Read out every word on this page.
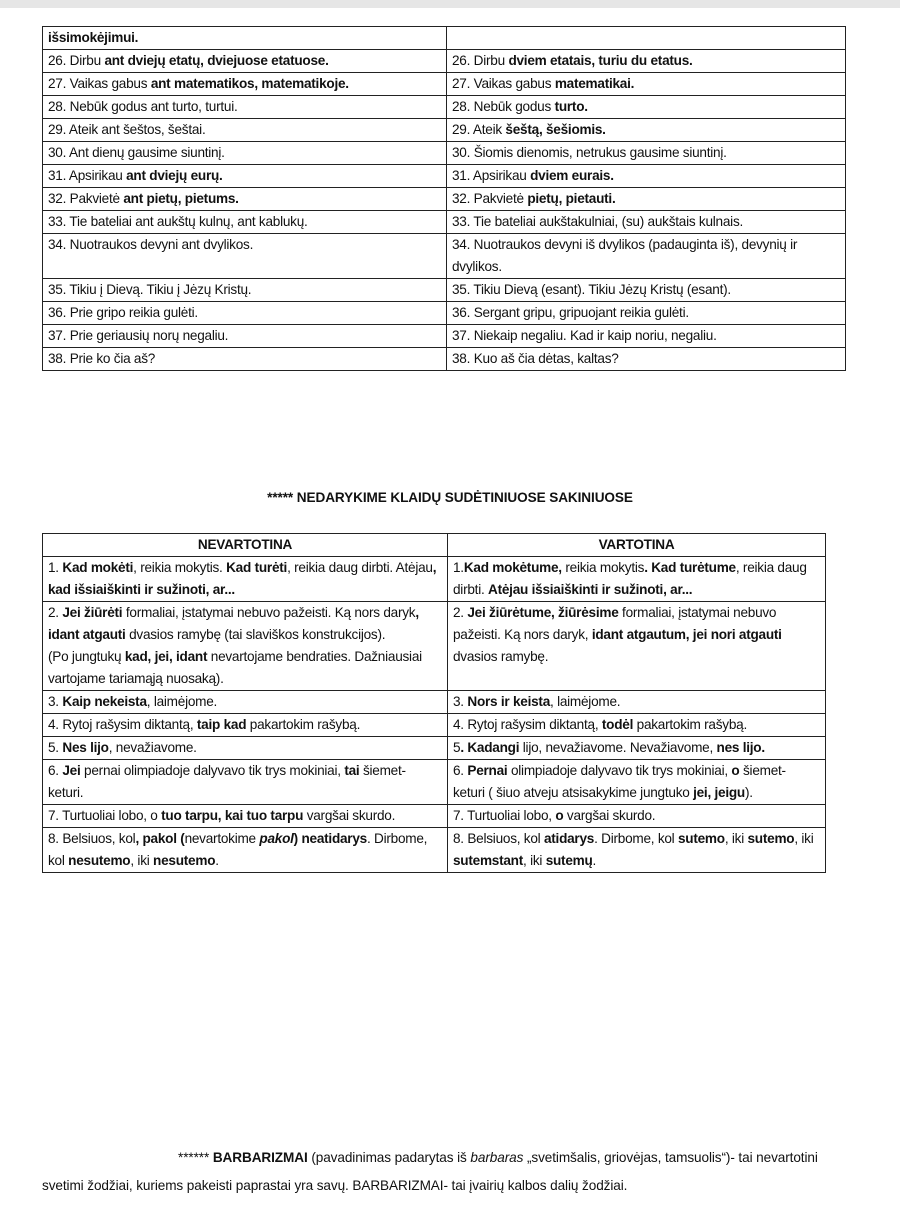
išsimokėjimui.	
26. Dirbu ant dviejų etatų, dviejuose etatuose.	26. Dirbu dviem etatais, turiu du etatus.
27. Vaikas gabus ant matematikos, matematikoje.	27. Vaikas gabus matematikai.
28. Nebūk godus ant turto, turtui.	28. Nebūk godus turto.
29. Ateik ant šeštos, šeštai.	29. Ateik šeštą, šešiomis.
30. Ant dienų gausime siuntinį.	30. Šiomis dienomis, netrukus gausime siuntinį.
31. Apsirikau ant dviejų eurų.	31. Apsirikau dviem eurais.
32. Pakvietė ant pietų, pietums.	32. Pakvietė pietų, pietauti.
33. Tie bateliai ant aukštų kulnų, ant kablukų.	33. Tie bateliai aukštakulniai, (su) aukštais kulnais.
34. Nuotraukos devyni ant dvylikos.	34. Nuotraukos devyni iš dvylikos (padauginta iš), devynių ir dvylikos.
35. Tikiu į Dievą. Tikiu į Jėzų Kristų.	35. Tikiu Dievą (esant). Tikiu Jėzų Kristų (esant).
36. Prie gripo reikia gulėti.	36. Sergant gripu, gripuojant reikia gulėti.
37. Prie geriausių norų negaliu.	37. Niekaip negaliu. Kad ir kaip noriu, negaliu.
38. Prie ko čia aš?	38. Kuo aš čia dėtas, kaltas?
***** NEDARYKIME KLAIDŲ SUDĖTINIUOSE SAKINIUOSE
NEVARTOTINA	VARTOTINA
1. Kad mokėti, reikia mokytis. Kad turėti, reikia daug dirbti. Atėjau, kad išsiaiškinti ir sužinoti, ar...	1.Kad mokėtume, reikia mokytis. Kad turėtume, reikia daug dirbti. Atėjau išsiaiškinti ir sužinoti, ar...
2. Jei žiūrėti formaliai, įstatymai nebuvo pažeisti. Ką nors daryk, idant atgauti dvasios ramybę (tai slaviškos konstrukcijos).
(Po jungtukų kad, jei, idant nevartojame bendraties. Dažniausiai vartojame tariamąją nuosaką).	2. Jei žiūrėtume, žiūrėsime formaliai, įstatymai nebuvo pažeisti. Ką nors daryk, idant atgautum, jei nori atgauti dvasios ramybę.
3. Kaip nekeista, laimėjome.	3. Nors ir keista, laimėjome.
4. Rytoj rašysim diktantą, taip kad pakartokim rašybą.	4. Rytoj rašysim diktantą, todėl pakartokim rašybą.
5. Nes lijo, nevažiavome.	5. Kadangi lijo, nevažiavome. Nevažiavome, nes lijo.
6. Jei pernai olimpiadoje dalyvavo tik trys mokiniai, tai šiemet- keturi.	6. Pernai olimpiadoje dalyvavo tik trys mokiniai, o šiemet- keturi ( šiuo atveju atsisakykime jungtuko jei, jeigu).
7. Turtuoliai lobo, o tuo tarpu, kai tuo tarpu vargšai skurdo.	7. Turtuoliai lobo, o vargšai skurdo.
8. Belsiuos, kol, pakol (nevartokime pakol) neatidarys. Dirbome, kol nesutemo, iki nesutemo.	8. Belsiuos, kol atidarys. Dirbome, kol sutemo, iki sutemo, iki sutemstant, iki sutemų.

****** BARBARIZMAI (pavadinimas padarytas iš barbaras „svetimšalis, griovėjas, tamsuolis“)- tai nevartotini svetimi žodžiai, kuriems pakeisti paprastai yra savų. BARBARIZMAI- tai įvairių kalbos dalių žodžiai.
